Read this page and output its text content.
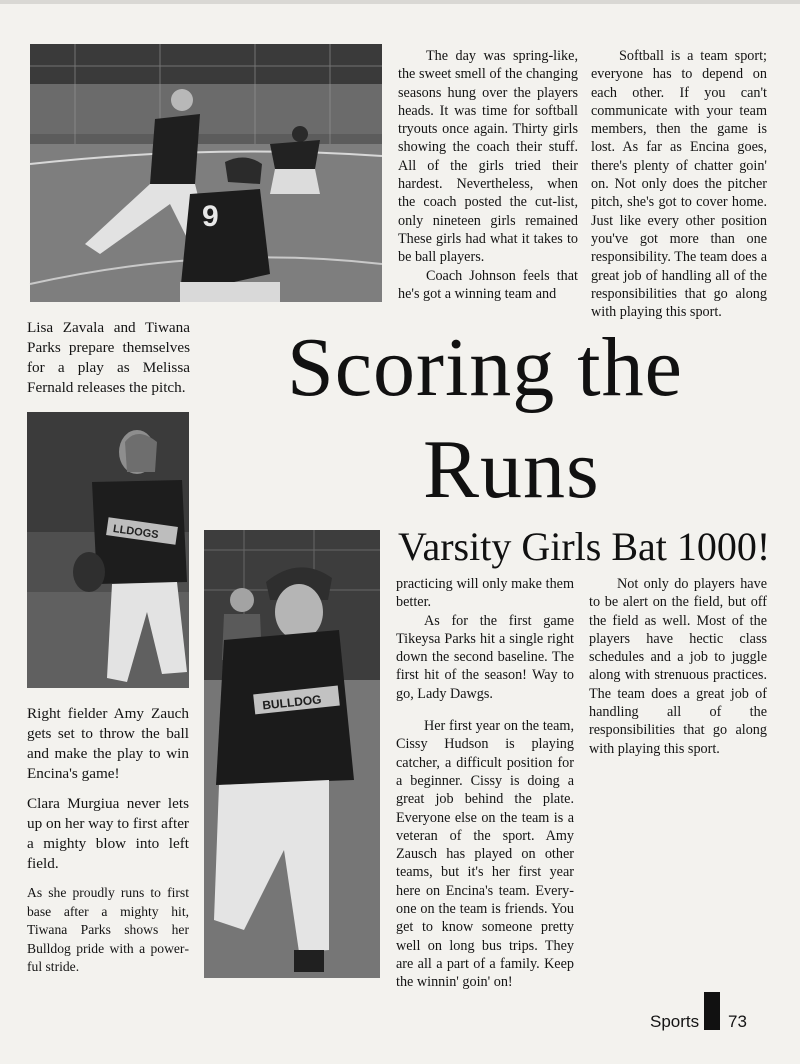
9
LLDOGS
BULLDOG

The day was spring-like, the sweet smell of the changing seasons hung over the players heads. It was time for softball tryouts once again. Thirty girls showing the coach their stuff. All of the girls tried their hardest. Nevertheless, when the coach posted the cut-list, only nineteen girls remained These girls had what it takes to be ball players.

Coach Johnson feels that he's got a winning team and

Softball is a team sport; everyone has to depend on each other. If you can't communicate with your team members, then the game is lost. As far as Encina goes, there's plenty of chatter goin' on. Not only does the pitcher pitch, she's got to cover home. Just like every other position you've got more than one responsibility. The team does a great job of handling all of the responsibilities that go along with playing this sport.

Lisa Zavala and Tiwana Parks prepare themselves for a play as Melissa Fernald releases the pitch.

Right fielder Amy Zauch gets set to throw the ball and make the play to win Encina's game!

Clara Murgiua never lets up on her way to first after a mighty blow into left field.

As she proudly runs to first base after a mighty hit, Tiwana Parks shows her Bulldog pride with a powerful stride.

Scoring the
Runs
Varsity Girls Bat 1000!

practicing will only make them better.

As for the first game Tikeysa Parks hit a single right down the second baseline. The first hit of the season! Way to go, Lady Dawgs.

Her first year on the team, Cissy Hudson is playing catcher, a difficult position for a beginner. Cissy is doing a great job behind the plate. Everyone else on the team is a veteran of the sport. Amy Zausch has played on other teams, but it's her first year here on Encina's team. Everyone on the team is friends. You get to know someone pretty well on long bus trips. They are all a part of a family. Keep the winnin' goin' on!

Not only do players have to be alert on the field, but off the field as well. Most of the players have hectic class schedules and a job to juggle along with strenuous practices. The team does a great job of handling all of the responsibilities that go along with playing this sport.

Sports 73
